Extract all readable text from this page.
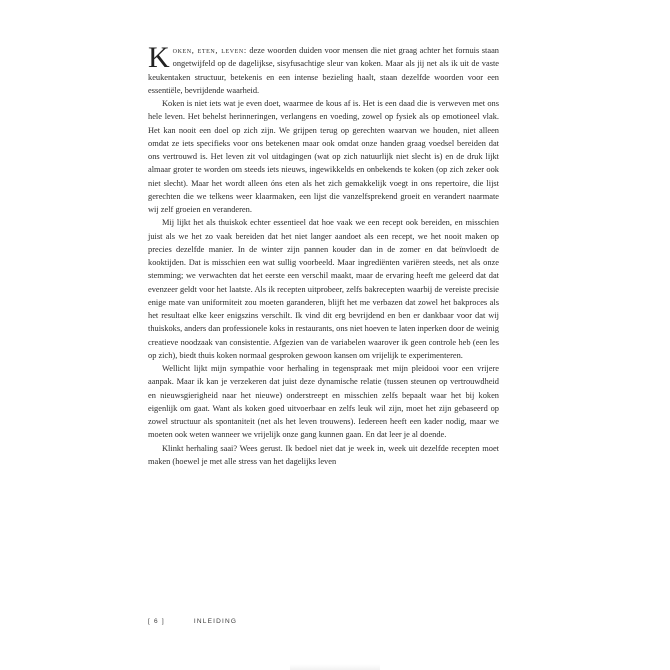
Koken, eten, leven: deze woorden duiden voor mensen die niet graag achter het fornuis staan ongetwijfeld op de dagelijkse, sisyfusachtige sleur van koken. Maar als jij net als ik uit de vaste keukentaken structuur, betekenis en een intense bezieling haalt, staan dezelfde woorden voor een essentiële, bevrijdende waarheid.

Koken is niet iets wat je even doet, waarmee de kous af is. Het is een daad die is verweven met ons hele leven. Het behelst herinneringen, verlangens en voeding, zowel op fysiek als op emotioneel vlak. Het kan nooit een doel op zich zijn. We grijpen terug op gerechten waarvan we houden, niet alleen omdat ze iets specifieks voor ons betekenen maar ook omdat onze handen graag voedsel bereiden dat ons vertrouwd is. Het leven zit vol uitdagingen (wat op zich natuurlijk niet slecht is) en de druk lijkt almaar groter te worden om steeds iets nieuws, ingewikkelds en onbekends te koken (op zich zeker ook niet slecht). Maar het wordt alleen óns eten als het zich gemakkelijk voegt in ons repertoire, die lijst gerechten die we telkens weer klaarmaken, een lijst die vanzelfsprekend groeit en verandert naarmate wij zelf groeien en veranderen.

Mij lijkt het als thuiskok echter essentieel dat hoe vaak we een recept ook bereiden, en misschien juist als we het zo vaak bereiden dat het niet langer aandoet als een recept, we het nooit maken op precies dezelfde manier. In de winter zijn pannen kouder dan in de zomer en dat beïnvloedt de kooktijden. Dat is misschien een wat sullig voorbeeld. Maar ingrediënten variëren steeds, net als onze stemming; we verwachten dat het eerste een verschil maakt, maar de ervaring heeft me geleerd dat dat evenzeer geldt voor het laatste. Als ik recepten uitprobeer, zelfs bakrecepten waarbij de vereiste precisie enige mate van uniformiteit zou moeten garanderen, blijft het me verbazen dat zowel het bakproces als het resultaat elke keer enigszins verschilt. Ik vind dit erg bevrijdend en ben er dankbaar voor dat wij thuiskoks, anders dan professionele koks in restaurants, ons niet hoeven te laten inperken door de weinig creatieve noodzaak van consistentie. Afgezien van de variabelen waarover ik geen controle heb (een les op zich), biedt thuis koken normaal gesproken gewoon kansen om vrijelijk te experimenteren.

Wellicht lijkt mijn sympathie voor herhaling in tegenspraak met mijn pleidooi voor een vrijere aanpak. Maar ik kan je verzekeren dat juist deze dynamische relatie (tussen steunen op vertrouwdheid en nieuwsgierigheid naar het nieuwe) onderstreept en misschien zelfs bepaalt waar het bij koken eigenlijk om gaat. Want als koken goed uitvoerbaar en zelfs leuk wil zijn, moet het zijn gebaseerd op zowel structuur als spontaniteit (net als het leven trouwens). Iedereen heeft een kader nodig, maar we moeten ook weten wanneer we vrijelijk onze gang kunnen gaan. En dat leer je al doende.

Klinkt herhaling saai? Wees gerust. Ik bedoel niet dat je week in, week uit dezelfde recepten moet maken (hoewel je met alle stress van het dagelijks leven

[ 6 ]	INLEIDING
